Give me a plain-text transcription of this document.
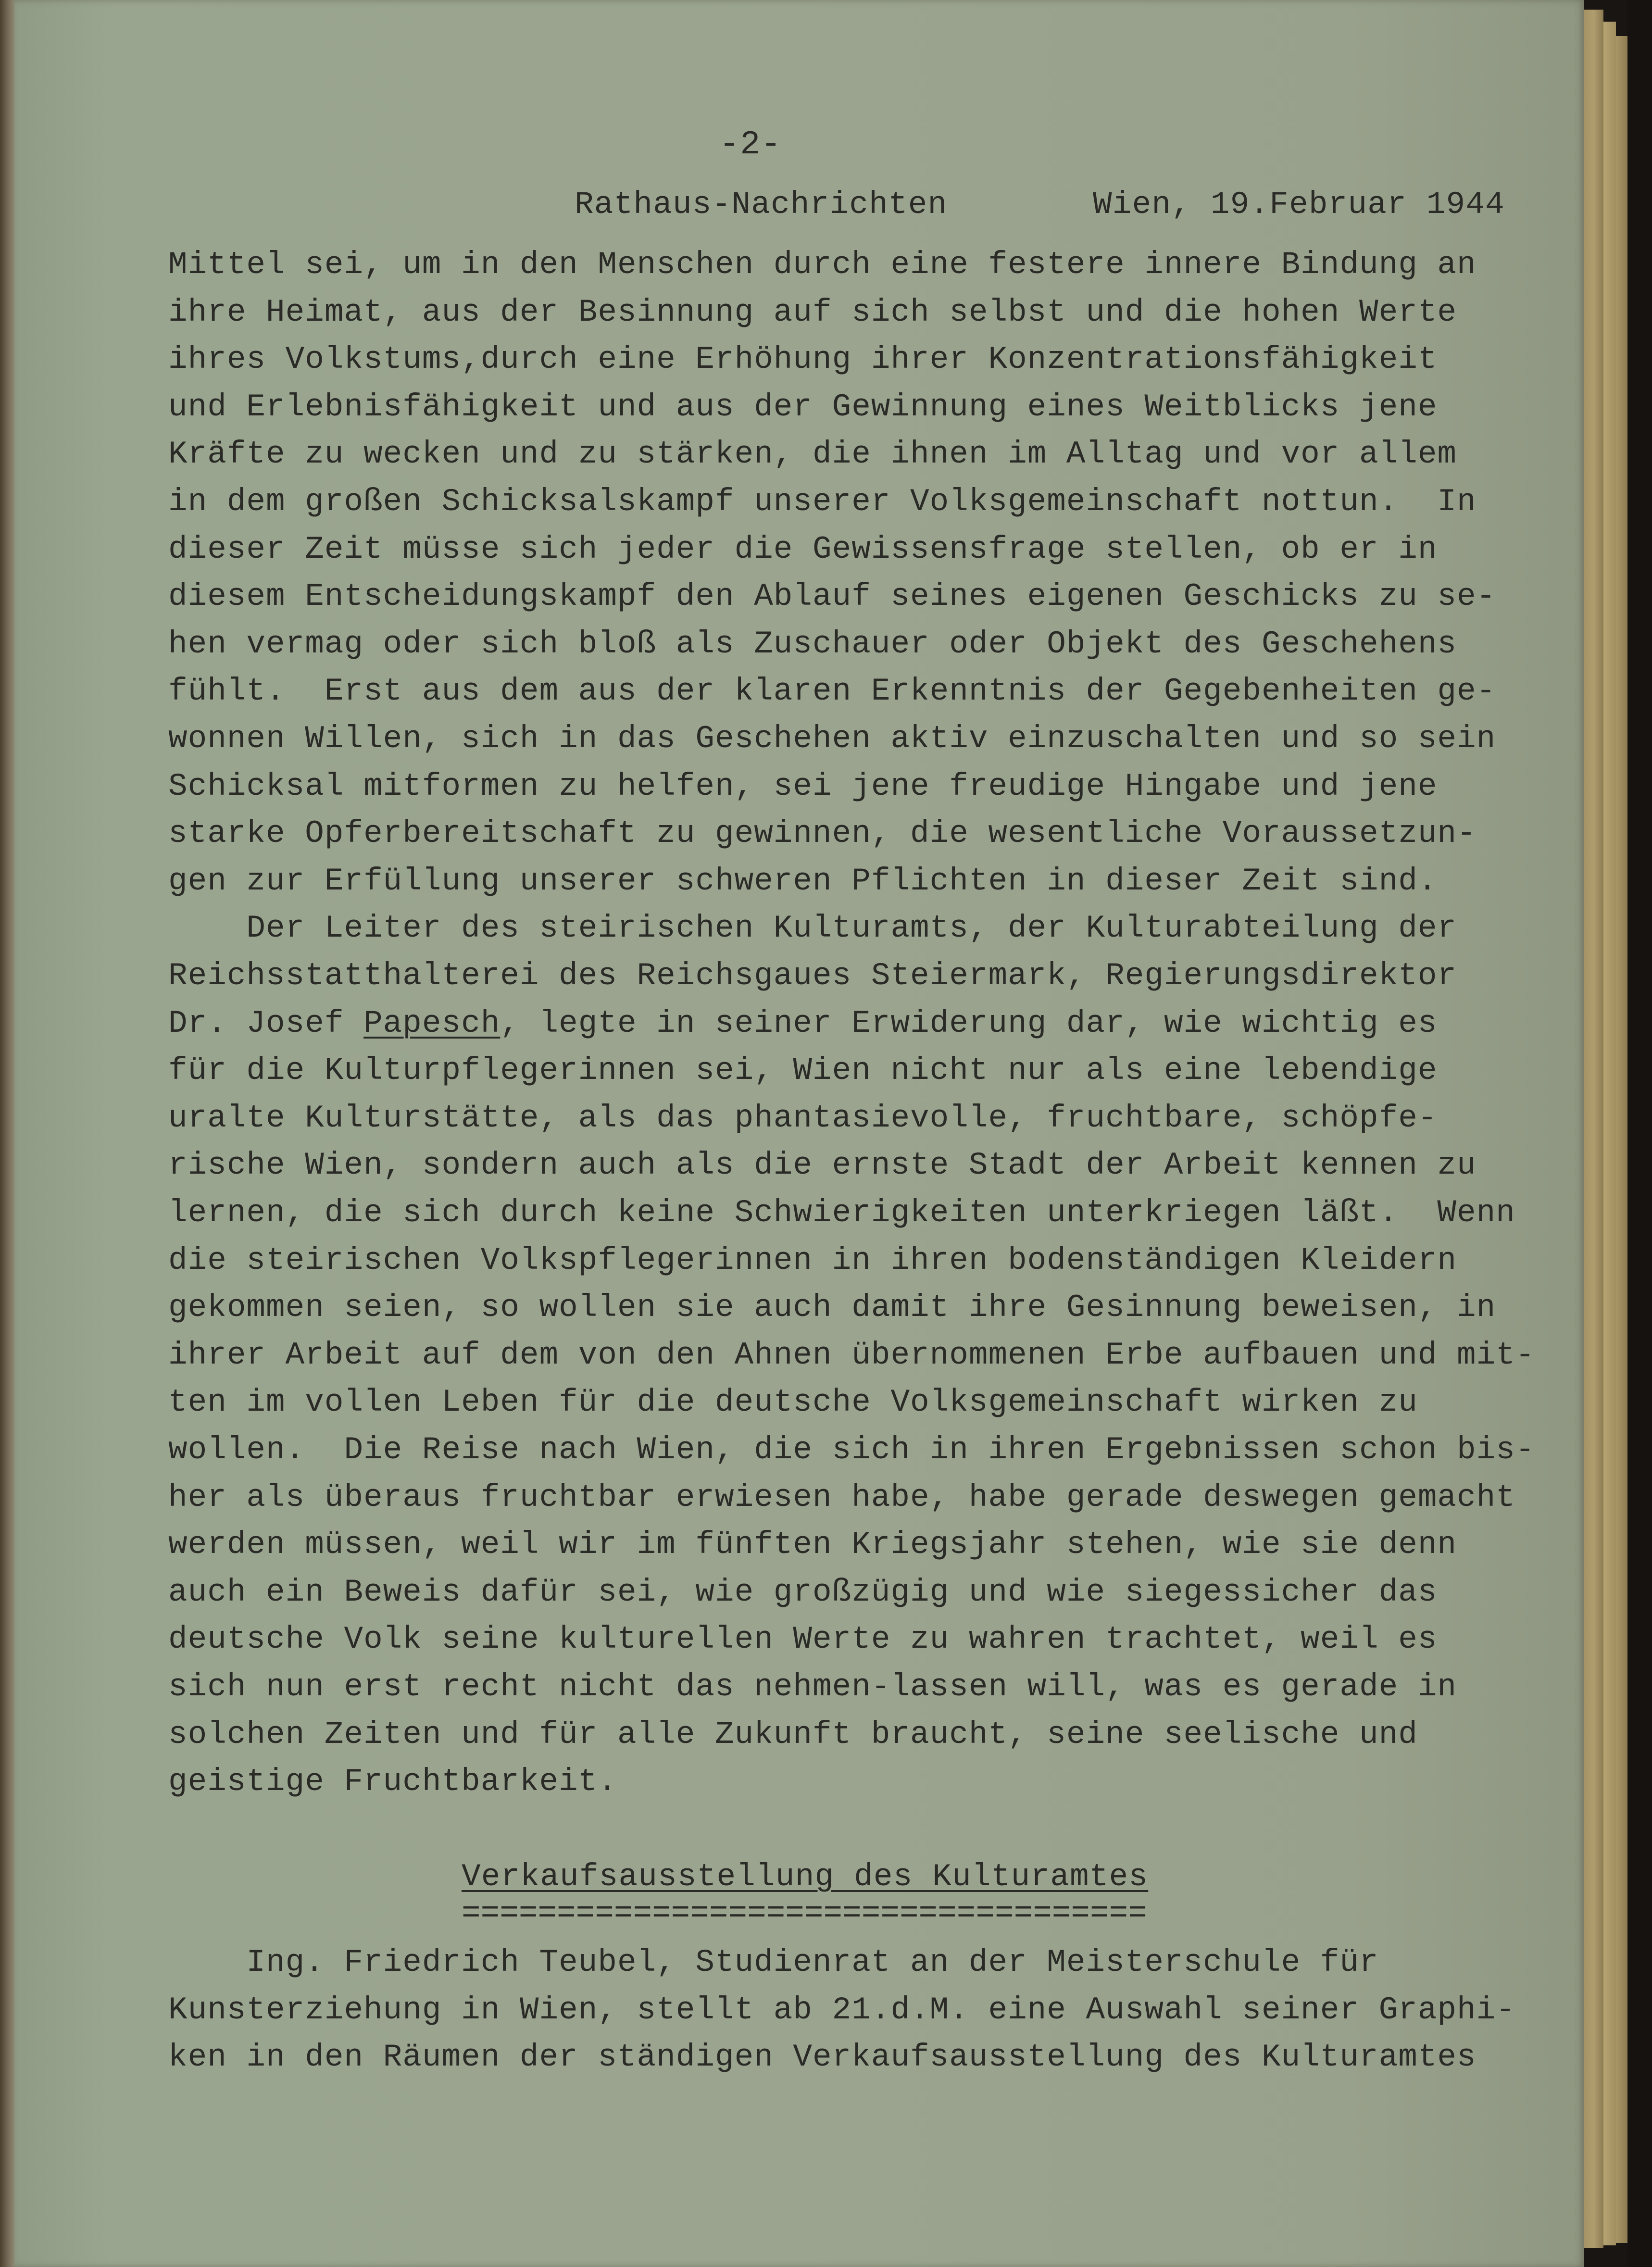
-2-
Rathaus-Nachrichten	Wien, 19.Februar 1944
Mittel sei, um in den Menschen durch eine festere innere Bindung an
ihre Heimat, aus der Besinnung auf sich selbst und die hohen Werte
ihres Volkstums,durch eine Erhöhung ihrer Konzentrationsfähigkeit
und Erlebnisfähigkeit und aus der Gewinnung eines Weitblicks jene
Kräfte zu wecken und zu stärken, die ihnen im Alltag und vor allem
in dem großen Schicksalskampf unserer Volksgemeinschaft nottun.  In
dieser Zeit müsse sich jeder die Gewissensfrage stellen, ob er in
diesem Entscheidungskampf den Ablauf seines eigenen Geschicks zu se-
hen vermag oder sich bloß als Zuschauer oder Objekt des Geschehens
fühlt.  Erst aus dem aus der klaren Erkenntnis der Gegebenheiten ge-
wonnen Willen, sich in das Geschehen aktiv einzuschalten und so sein
Schicksal mitformen zu helfen, sei jene freudige Hingabe und jene
starke Opferbereitschaft zu gewinnen, die wesentliche Voraussetzun-
gen zur Erfüllung unserer schweren Pflichten in dieser Zeit sind.
Der Leiter des steirischen Kulturamts, der Kulturabteilung der
Reichsstatthalterei des Reichsgaues Steiermark, Regierungsdirektor
Dr. Josef Papesch, legte in seiner Erwiderung dar, wie wichtig es
für die Kulturpflegerinnen sei, Wien nicht nur als eine lebendige
uralte Kulturstätte, als das phantasievolle, fruchtbare, schöpfe-
rische Wien, sondern auch als die ernste Stadt der Arbeit kennen zu
lernen, die sich durch keine Schwierigkeiten unterkriegen läßt.  Wenn
die steirischen Volkspflegerinnen in ihren bodenständigen Kleidern
gekommen seien, so wollen sie auch damit ihre Gesinnung beweisen, in
ihrer Arbeit auf dem von den Ahnen übernommenen Erbe aufbauen und mit-
ten im vollen Leben für die deutsche Volksgemeinschaft wirken zu
wollen.  Die Reise nach Wien, die sich in ihren Ergebnissen schon bis-
her als überaus fruchtbar erwiesen habe, habe gerade deswegen gemacht
werden müssen, weil wir im fünften Kriegsjahr stehen, wie sie denn
auch ein Beweis dafür sei, wie großzügig und wie siegessicher das
deutsche Volk seine kulturellen Werte zu wahren trachtet, weil es
sich nun erst recht nicht das nehmen-lassen will, was es gerade in
solchen Zeiten und für alle Zukunft braucht, seine seelische und
geistige Fruchtbarkeit.
Verkaufsausstellung des Kulturamtes
====================================
Ing. Friedrich Teubel, Studienrat an der Meisterschule für
Kunsterziehung in Wien, stellt ab 21.d.M. eine Auswahl seiner Graphi-
ken in den Räumen der ständigen Verkaufsausstellung des Kulturamtes
